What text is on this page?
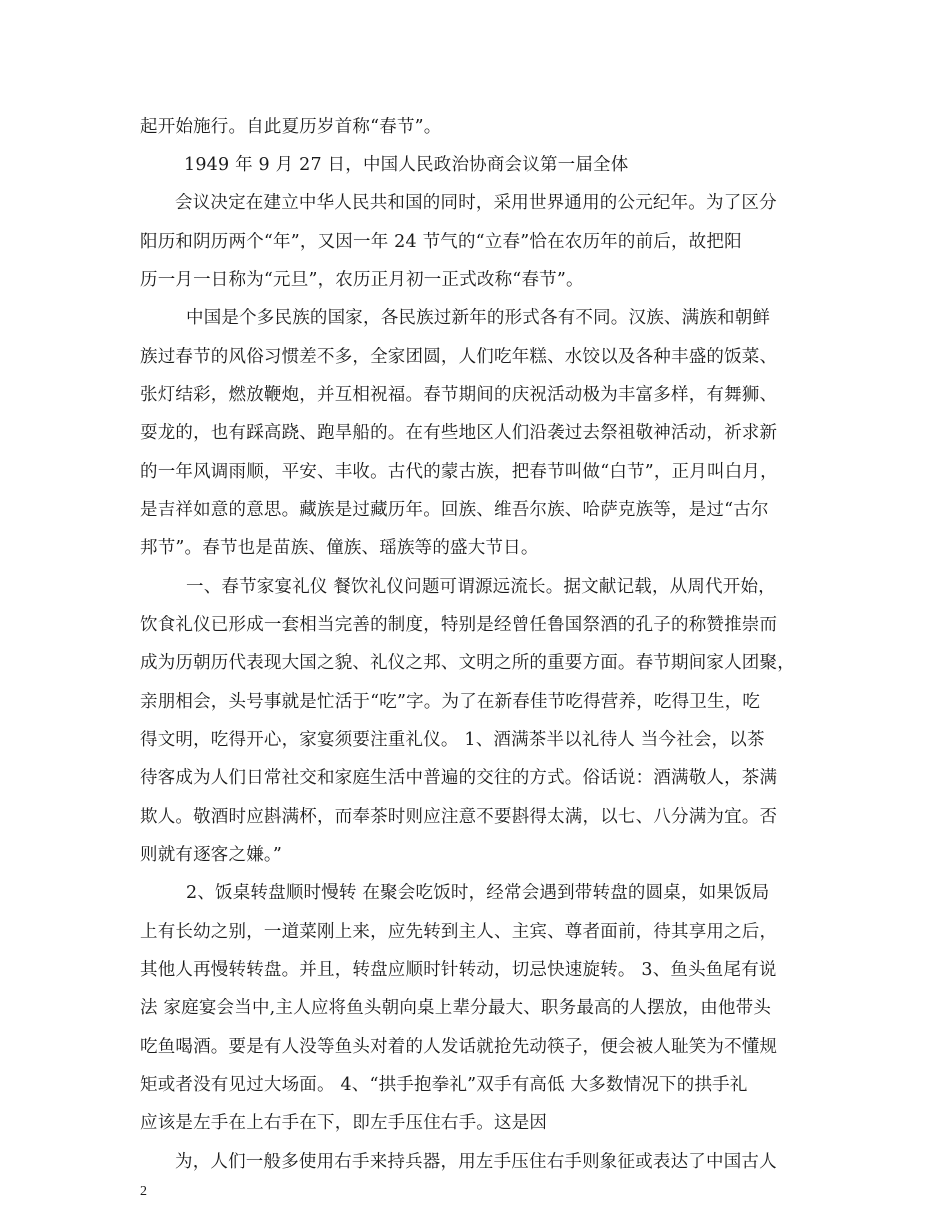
起开始施行。自此夏历岁首称“春节”。
1949 年 9 月 27 日，中国人民政治协商会议第一届全体
会议决定在建立中华人民共和国的同时，采用世界通用的公元纪年。为了区分
阳历和阴历两个“年”，又因一年 24 节气的“立春”恰在农历年的前后，故把阳
历一月一日称为“元旦”，农历正月初一正式改称“春节”。
中国是个多民族的国家，各民族过新年的形式各有不同。汉族、满族和朝鲜
族过春节的风俗习惯差不多，全家团圆，人们吃年糕、水饺以及各种丰盛的饭菜、
张灯结彩，燃放鞭炮，并互相祝福。春节期间的庆祝活动极为丰富多样，有舞狮、
耍龙的，也有踩高跷、跑旱船的。在有些地区人们沿袭过去祭祖敬神活动，祈求新
的一年风调雨顺，平安、丰收。古代的蒙古族，把春节叫做“白节”，正月叫白月，
是吉祥如意的意思。藏族是过藏历年。回族、维吾尔族、哈萨克族等，是过“古尔
邦节”。春节也是苗族、僮族、瑶族等的盛大节日。
一、春节家宴礼仪 餐饮礼仪问题可谓源远流长。据文献记载，从周代开始，
饮食礼仪已形成一套相当完善的制度，特别是经曾任鲁国祭酒的孔子的称赞推崇而
成为历朝历代表现大国之貌、礼仪之邦、文明之所的重要方面。春节期间家人团聚，
亲朋相会，头号事就是忙活于“吃”字。为了在新春佳节吃得营养，吃得卫生，吃
得文明，吃得开心，家宴须要注重礼仪。 1、酒满茶半以礼待人 当今社会，以茶
待客成为人们日常社交和家庭生活中普遍的交往的方式。俗话说：酒满敬人，茶满
欺人。敬酒时应斟满杯，而奉茶时则应注意不要斟得太满，以七、八分满为宜。否
则就有逐客之嫌。”
2、饭桌转盘顺时慢转 在聚会吃饭时，经常会遇到带转盘的圆桌，如果饭局
上有长幼之别，一道菜刚上来，应先转到主人、主宾、尊者面前，待其享用之后，
其他人再慢转转盘。并且，转盘应顺时针转动，切忌快速旋转。 3、鱼头鱼尾有说
法 家庭宴会当中,主人应将鱼头朝向桌上辈分最大、职务最高的人摆放，由他带头
吃鱼喝酒。要是有人没等鱼头对着的人发话就抢先动筷子，便会被人耻笑为不懂规
矩或者没有见过大场面。 4、“拱手抱拳礼”双手有高低 大多数情况下的拱手礼
应该是左手在上右手在下，即左手压住右手。这是因
为，人们一般多使用右手来持兵器，用左手压住右手则象征或表达了中国古人
2
